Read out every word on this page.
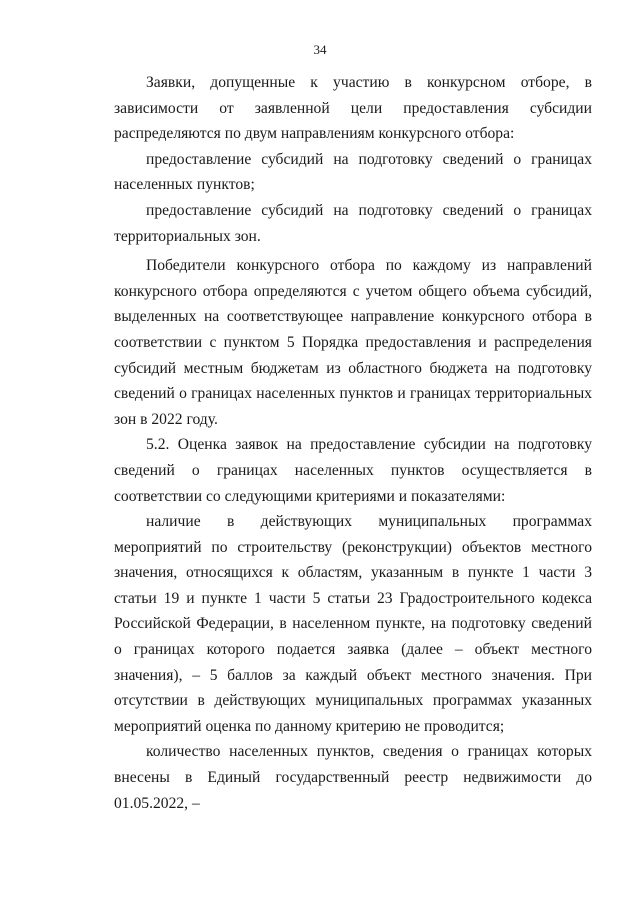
34

Заявки, допущенные к участию в конкурсном отборе, в зависимости от заявленной цели предоставления субсидии распределяются по двум направлениям конкурсного отбора:

предоставление субсидий на подготовку сведений о границах населенных пунктов;

предоставление субсидий на подготовку сведений о границах территориальных зон.

Победители конкурсного отбора по каждому из направлений конкурсного отбора определяются с учетом общего объема субсидий, выделенных на соответствующее направление конкурсного отбора в соответствии с пунктом 5 Порядка предоставления и распределения субсидий местным бюджетам из областного бюджета на подготовку сведений о границах населенных пунктов и границах территориальных зон в 2022 году.

5.2. Оценка заявок на предоставление субсидии на подготовку сведений о границах населенных пунктов осуществляется в соответствии со следующими критериями и показателями:

наличие в действующих муниципальных программах мероприятий по строительству (реконструкции) объектов местного значения, относящихся к областям, указанным в пункте 1 части 3 статьи 19 и пункте 1 части 5 статьи 23 Градостроительного кодекса Российской Федерации, в населенном пункте, на подготовку сведений о границах которого подается заявка (далее – объект местного значения), – 5 баллов за каждый объект местного значения. При отсутствии в действующих муниципальных программах указанных мероприятий оценка по данному критерию не проводится;

количество населенных пунктов, сведения о границах которых внесены в Единый государственный реестр недвижимости до 01.05.2022, –
